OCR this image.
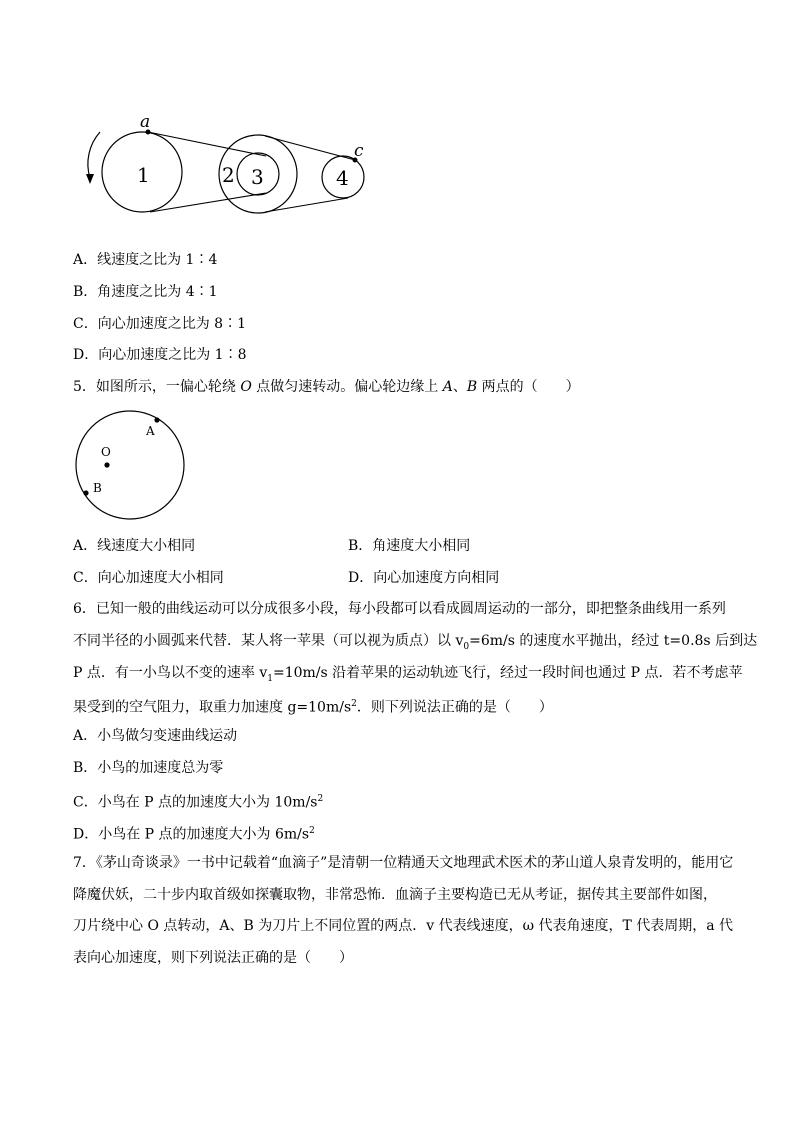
a
c
1	2 3	4
A．线速度之比为 1∶4
B．角速度之比为 4∶1
C．向心加速度之比为 8∶1
D．向心加速度之比为 1∶8
5．如图所示，一偏心轮绕 O 点做匀速转动。偏心轮边缘上 A、B 两点的（　　）
A
O
B
A．线速度大小相同	B．角速度大小相同
C．向心加速度大小相同	D．向心加速度方向相同
6．已知一般的曲线运动可以分成很多小段，每小段都可以看成圆周运动的一部分，即把整条曲线用一系列
不同半径的小圆弧来代替．某人将一苹果（可以视为质点）以 $v_0=6m/s$ 的速度水平抛出，经过 t=0.8s 后到达
P 点．有一小鸟以不变的速率 $v_1=10m/s$ 沿着苹果的运动轨迹飞行，经过一段时间也通过 P 点．若不考虑苹
果受到的空气阻力，取重力加速度 $g=10m/s^2$．则下列说法正确的是（　　）
A．小鸟做匀变速曲线运动
B．小鸟的加速度总为零
C．小鸟在 P 点的加速度大小为 $10m/s^2$
D．小鸟在 P 点的加速度大小为 $6m/s^2$
7．《茅山奇谈录》一书中记载着“血滴子”是清朝一位精通天文地理武术医术的茅山道人泉青发明的，能用它
降魔伏妖，二十步内取首级如探囊取物，非常恐怖．血滴子主要构造已无从考证，据传其主要部件如图，
刀片绕中心 O 点转动，A、B 为刀片上不同位置的两点．v 代表线速度，ω 代表角速度，T 代表周期，a 代
表向心加速度，则下列说法正确的是（　　）
